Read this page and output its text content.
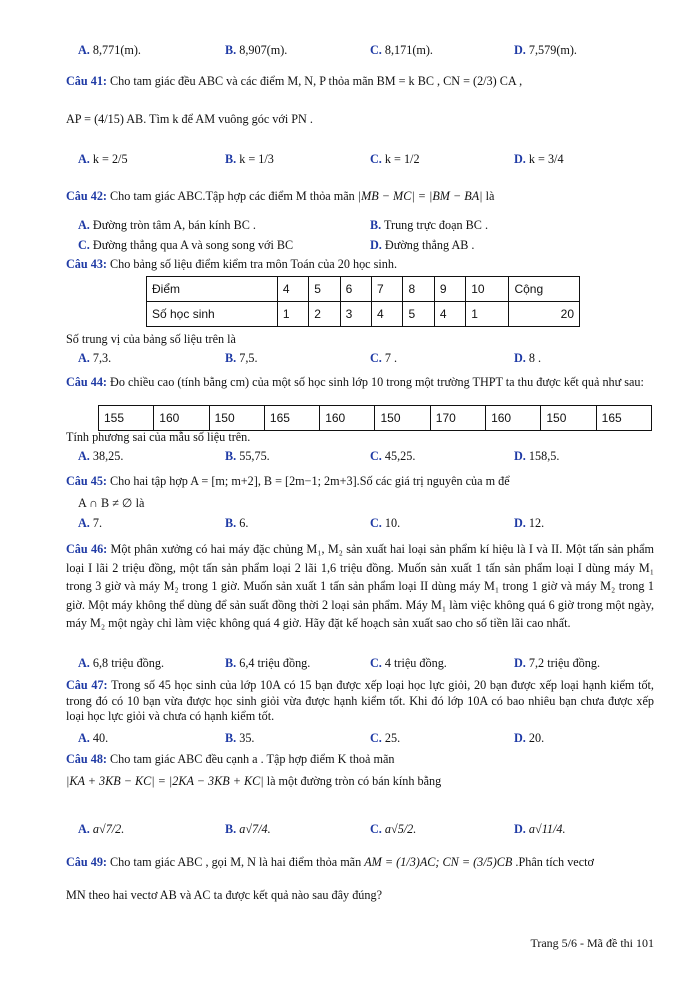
A. 8,771(m).	B. 8,907(m).	C. 8,171(m).	D. 7,579(m).
Câu 41: Cho tam giác đều ABC và các điểm M, N, P thỏa mãn BM = k BC , CN = (2/3) CA ,
AP = (4/15) AB. Tìm k để AM vuông góc với PN .
A. k = 2/5	B. k = 1/3	C. k = 1/2	D. k = 3/4
Câu 42: Cho tam giác ABC.Tập hợp các điểm M thỏa mãn |MB − MC| = |BM − BA| là
A. Đường tròn tâm A, bán kính BC .	B. Trung trực đoạn BC .
C. Đường thẳng qua A và song song với BC	D. Đường thẳng AB .
Câu 43: Cho bảng số liệu điểm kiểm tra môn Toán của 20 học sinh.
Điểm	4	5	6	7	8	9	10	Cộng
Số học sinh	1	2	3	4	5	4	1	20
Số trung vị của bảng số liệu trên là
A. 7,3.	B. 7,5.	C. 7 .	D. 8 .
Câu 44: Đo chiều cao (tính bằng cm) của một số học sinh lớp 10 trong một trường THPT ta thu được kết quả như sau:
155	160	150	165	160	150	170	160	150	165
Tính phương sai của mẫu số liệu trên.
A. 38,25.	B. 55,75.	C. 45,25.	D. 158,5.
Câu 45: Cho hai tập hợp A = [m; m+2], B = [2m−1; 2m+3].Số các giá trị nguyên của m để
A ∩ B ≠ ∅ là
A. 7.	B. 6.	C. 10.	D. 12.
Câu 46: Một phân xưởng có hai máy đặc chủng M₁, M₂ sản xuất hai loại sản phẩm kí hiệu là I và II. Một tấn sản phẩm loại I lãi 2 triệu đồng, một tấn sản phẩm loại 2 lãi 1,6 triệu đồng. Muốn sản xuất 1 tấn sản phẩm loại I dùng máy M₁ trong 3 giờ và máy M₂ trong 1 giờ. Muốn sản xuất 1 tấn sản phẩm loại II dùng máy M₁ trong 1 giờ và máy M₂ trong 1 giờ. Một máy không thể dùng để sản suất đồng thời 2 loại sản phẩm. Máy M₁ làm việc không quá 6 giờ trong một ngày, máy M₂ một ngày chỉ làm việc không quá 4 giờ. Hãy đặt kế hoạch sản xuất sao cho số tiền lãi cao nhất.
A. 6,8 triệu đồng.	B. 6,4 triệu đồng.	C. 4 triệu đồng.	D. 7,2 triệu đồng.
Câu 47: Trong số 45 học sinh của lớp 10A có 15 bạn được xếp loại học lực giỏi, 20 bạn được xếp loại hạnh kiểm tốt, trong đó có 10 bạn vừa được học sinh giỏi vừa được hạnh kiểm tốt. Khi đó lớp 10A có bao nhiêu bạn chưa được xếp loại học lực giỏi và chưa có hạnh kiểm tốt.
A. 40.	B. 35.	C. 25.	D. 20.
Câu 48: Cho tam giác ABC đều cạnh a . Tập hợp điểm K thoả mãn
|KA + 3KB − KC| = |2KA − 3KB + KC| là một đường tròn có bán kính bằng
A. a√7/2.	B. a√7/4.	C. a√5/2.	D. a√11/4.
Câu 49: Cho tam giác ABC , gọi M, N là hai điểm thỏa mãn AM = (1/3)AC; CN = (3/5)CB .Phân tích vectơ
MN theo hai vectơ AB và AC ta được kết quả nào sau đây đúng?
Trang 5/6 - Mã đề thi 101
